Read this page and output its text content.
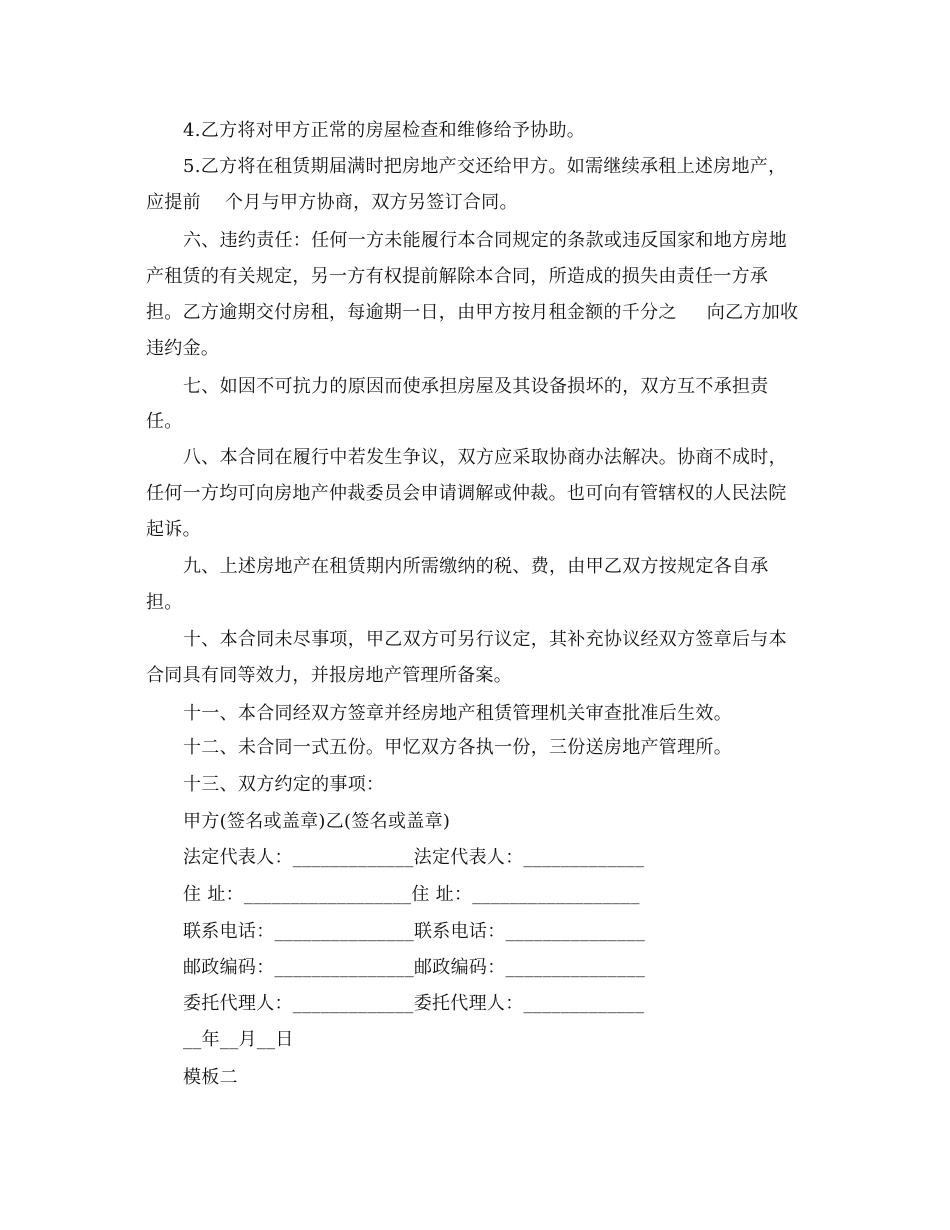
4.乙方将对甲方正常的房屋检查和维修给予协助。
5.乙方将在租赁期届满时把房地产交还给甲方。如需继续承租上述房地产，
应提前    个月与甲方协商，双方另签订合同。
六、违约责任：任何一方未能履行本合同规定的条款或违反国家和地方房地
产租赁的有关规定，另一方有权提前解除本合同，所造成的损失由责任一方承
担。乙方逾期交付房租，每逾期一日，由甲方按月租金额的千分之     向乙方加收
违约金。
七、如因不可抗力的原因而使承担房屋及其设备损坏的，双方互不承担责
任。
八、本合同在履行中若发生争议，双方应采取协商办法解决。协商不成时，
任何一方均可向房地产仲裁委员会申请调解或仲裁。也可向有管辖权的人民法院
起诉。
九、上述房地产在租赁期内所需缴纳的税、费，由甲乙双方按规定各自承
担。
十、本合同未尽事项，甲乙双方可另行议定，其补充协议经双方签章后与本
合同具有同等效力，并报房地产管理所备案。
十一、本合同经双方签章并经房地产租赁管理机关审查批准后生效。
十二、未合同一式五份。甲忆双方各执一份，三份送房地产管理所。
十三、双方约定的事项：
甲方(签名或盖章)乙(签名或盖章)
法定代表人：_____________法定代表人：_____________
住 址：__________________住 址：__________________
联系电话：_______________联系电话：_______________
邮政编码：_______________邮政编码：_______________
委托代理人：_____________委托代理人：_____________
__年__月__日
模板二
